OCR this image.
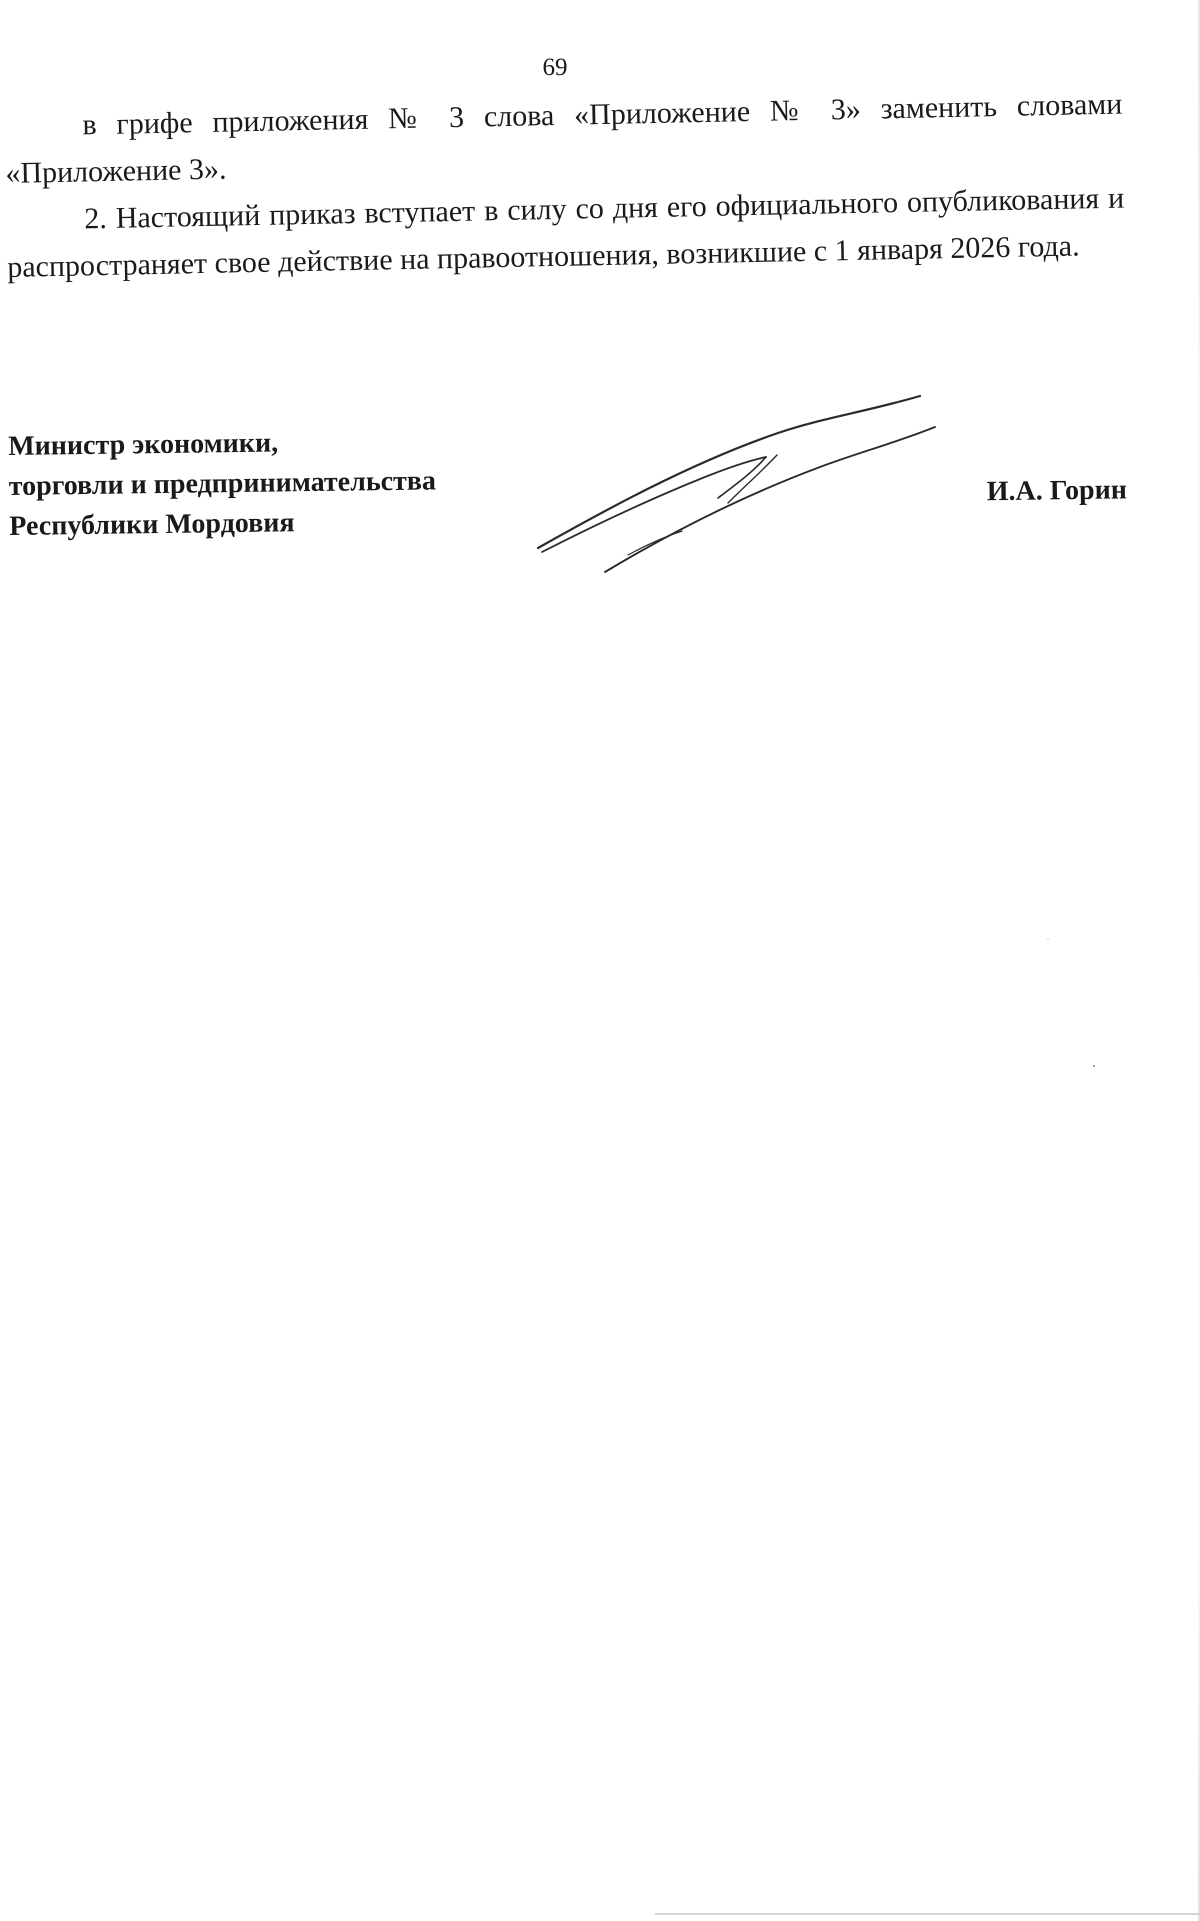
69

в грифе приложения № 3 слова «Приложение № 3» заменить словами «Приложение 3».

2. Настоящий приказ вступает в силу со дня его официального опубликования и распространяет свое действие на правоотношения, возникшие с 1 января 2026 года.

Министр экономики,
торговли и предпринимательства
Республики Мордовия
И.А. Горин
